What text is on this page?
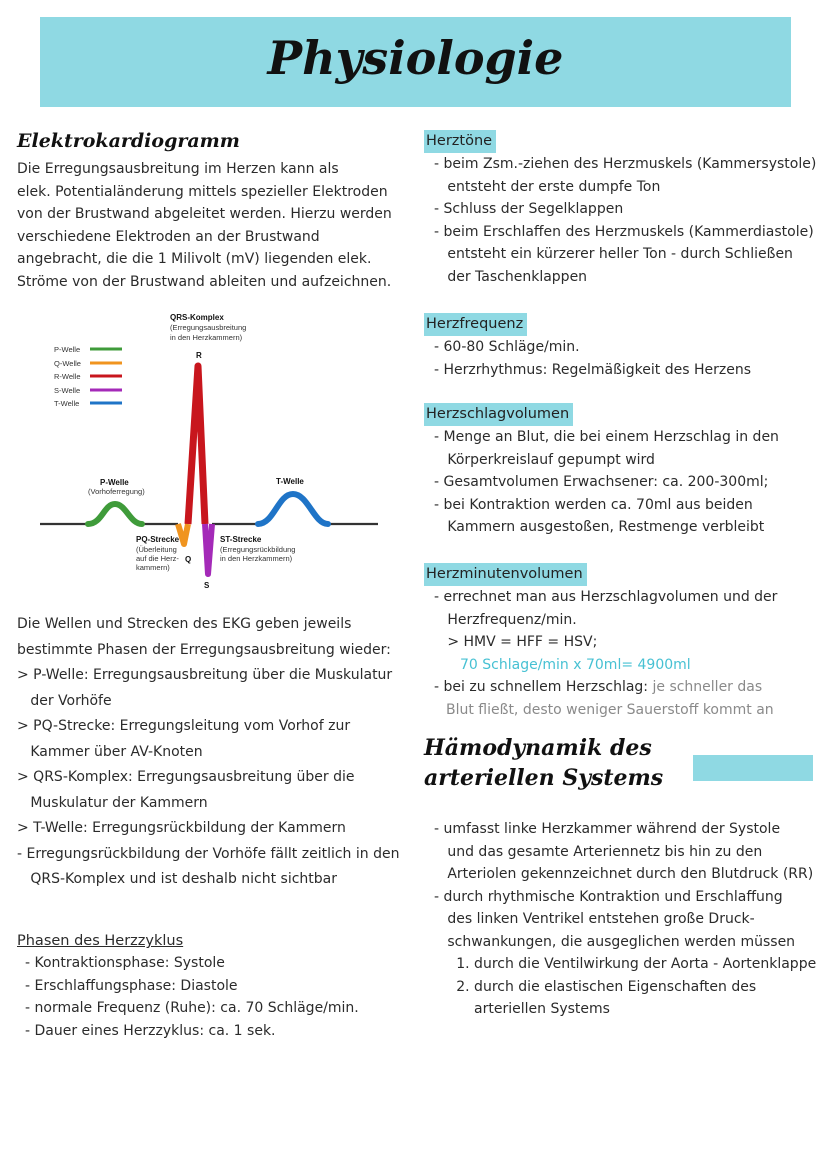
Physiologie
Elektrokardiogramm

Die Erregungsausbreitung im Herzen kann als

elek. Potentialänderung mittels spezieller Elektroden

von der Brustwand abgeleitet werden. Hierzu werden

verschiedene Elektroden an der Brustwand

angebracht, die die 1 Milivolt (mV) liegenden elek.

Ströme von der Brustwand ableiten und aufzeichnen.

P-Welle
Q-Welle
R-Welle
S-Welle
T-Welle
QRS-Komplex
(Erregungsausbreitung
in den Herzkammern)
R
P-Welle
(Vorhoferregung)
T-Welle
PQ-Strecke
(Überleitung
auf die Herz-
kammern)
Q
S
ST-Strecke
(Erregungsrückbildung
in den Herzkammern)

Die Wellen und Strecken des EKG geben jeweils

bestimmte Phasen der Erregungsausbreitung wieder:

> P-Welle: Erregungsausbreitung über die Muskulatur

der Vorhöfe

> PQ-Strecke: Erregungsleitung vom Vorhof zur

Kammer über AV-Knoten

> QRS-Komplex: Erregungsausbreitung über die

Muskulatur der Kammern

> T-Welle: Erregungsrückbildung der Kammern

- Erregungsrückbildung der Vorhöfe fällt zeitlich in den

QRS-Komplex und ist deshalb nicht sichtbar

Phasen des Herzzyklus

- Kontraktionsphase: Systole

- Erschlaffungsphase: Diastole

- normale Frequenz (Ruhe): ca. 70 Schläge/min.

- Dauer eines Herzzyklus: ca. 1 sek.

Herztöne

- beim Zsm.-ziehen des Herzmuskels (Kammersystole)

entsteht der erste dumpfe Ton

- Schluss der Segelklappen

- beim Erschlaffen des Herzmuskels (Kammerdiastole)

entsteht ein kürzerer heller Ton - durch Schließen

der Taschenklappen

Herzfrequenz

- 60-80 Schläge/min.

- Herzrhythmus: Regelmäßigkeit des Herzens

Herzschlagvolumen

- Menge an Blut, die bei einem Herzschlag in den

Körperkreislauf gepumpt wird

- Gesamtvolumen Erwachsener: ca. 200-300ml;

- bei Kontraktion werden ca. 70ml aus beiden

Kammern ausgestoßen, Restmenge verbleibt

Herzminutenvolumen

- errechnet man aus Herzschlagvolumen und der

Herzfrequenz/min.

> HMV = HFF = HSV;

70 Schlage/min x 70ml= 4900ml

- bei zu schnellem Herzschlag: je schneller das

Blut fließt, desto weniger Sauerstoff kommt an

Hämodynamik des
arteriellen Systems

- umfasst linke Herzkammer während der Systole

und das gesamte Arteriennetz bis hin zu den

Arteriolen gekennzeichnet durch den Blutdruck (RR)

- durch rhythmische Kontraktion und Erschlaffung

des linken Ventrikel entstehen große Druck-

schwankungen, die ausgeglichen werden müssen

1. durch die Ventilwirkung der Aorta - Aortenklappe

2. durch die elastischen Eigenschaften des

arteriellen Systems
